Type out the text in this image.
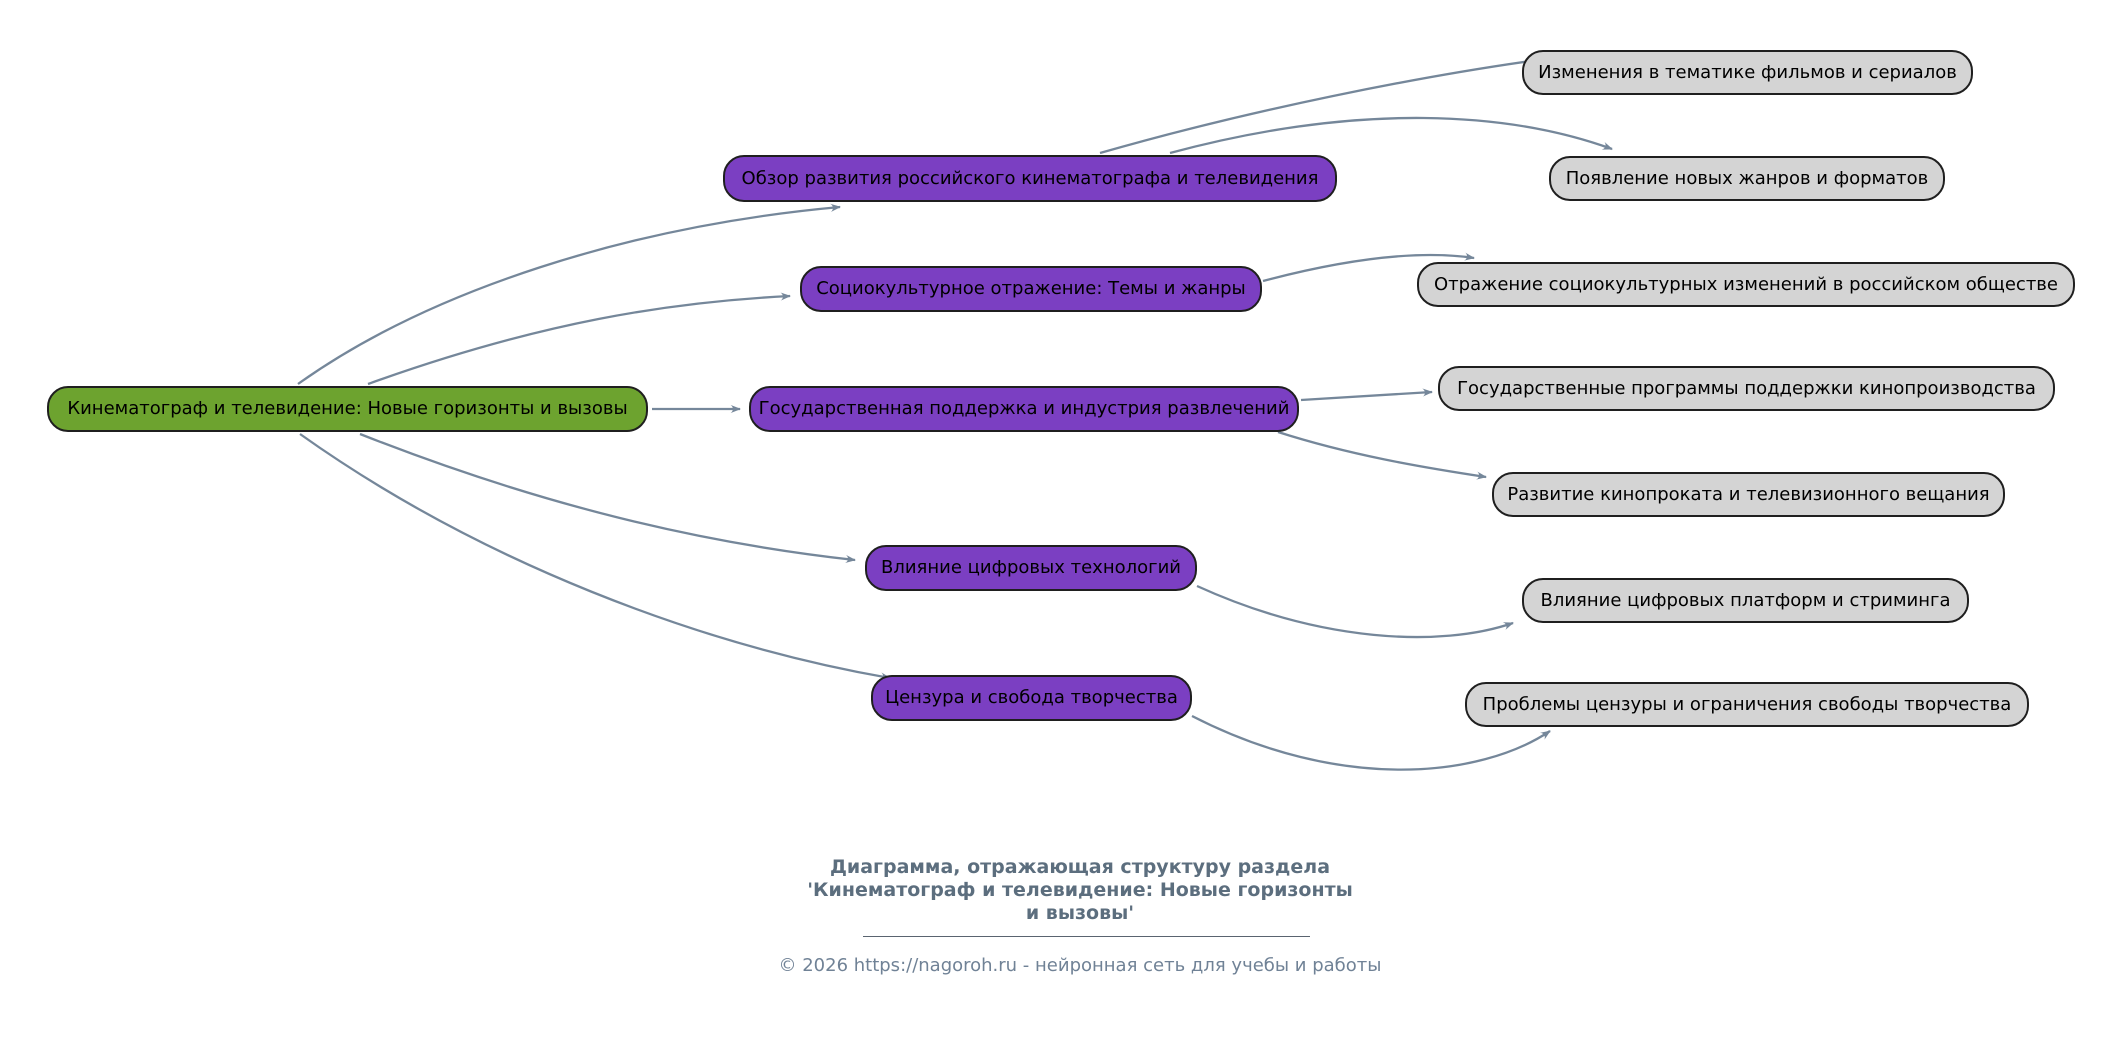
Кинематограф и телевидение: Новые горизонты и вызовы
Обзор развития российского кинематографа и телевидения
Социокультурное отражение: Темы и жанры
Государственная поддержка и индустрия развлечений
Влияние цифровых технологий
Цензура и свобода творчества
Изменения в тематике фильмов и сериалов
Появление новых жанров и форматов
Отражение социокультурных изменений в российском обществе
Государственные программы поддержки кинопроизводства
Развитие кинопроката и телевизионного вещания
Влияние цифровых платформ и стриминга
Проблемы цензуры и ограничения свободы творчества
Диаграмма, отражающая структуру раздела
'Кинематограф и телевидение: Новые горизонты
и вызовы'
© 2026 https://nagoroh.ru - нейронная сеть для учебы и работы
